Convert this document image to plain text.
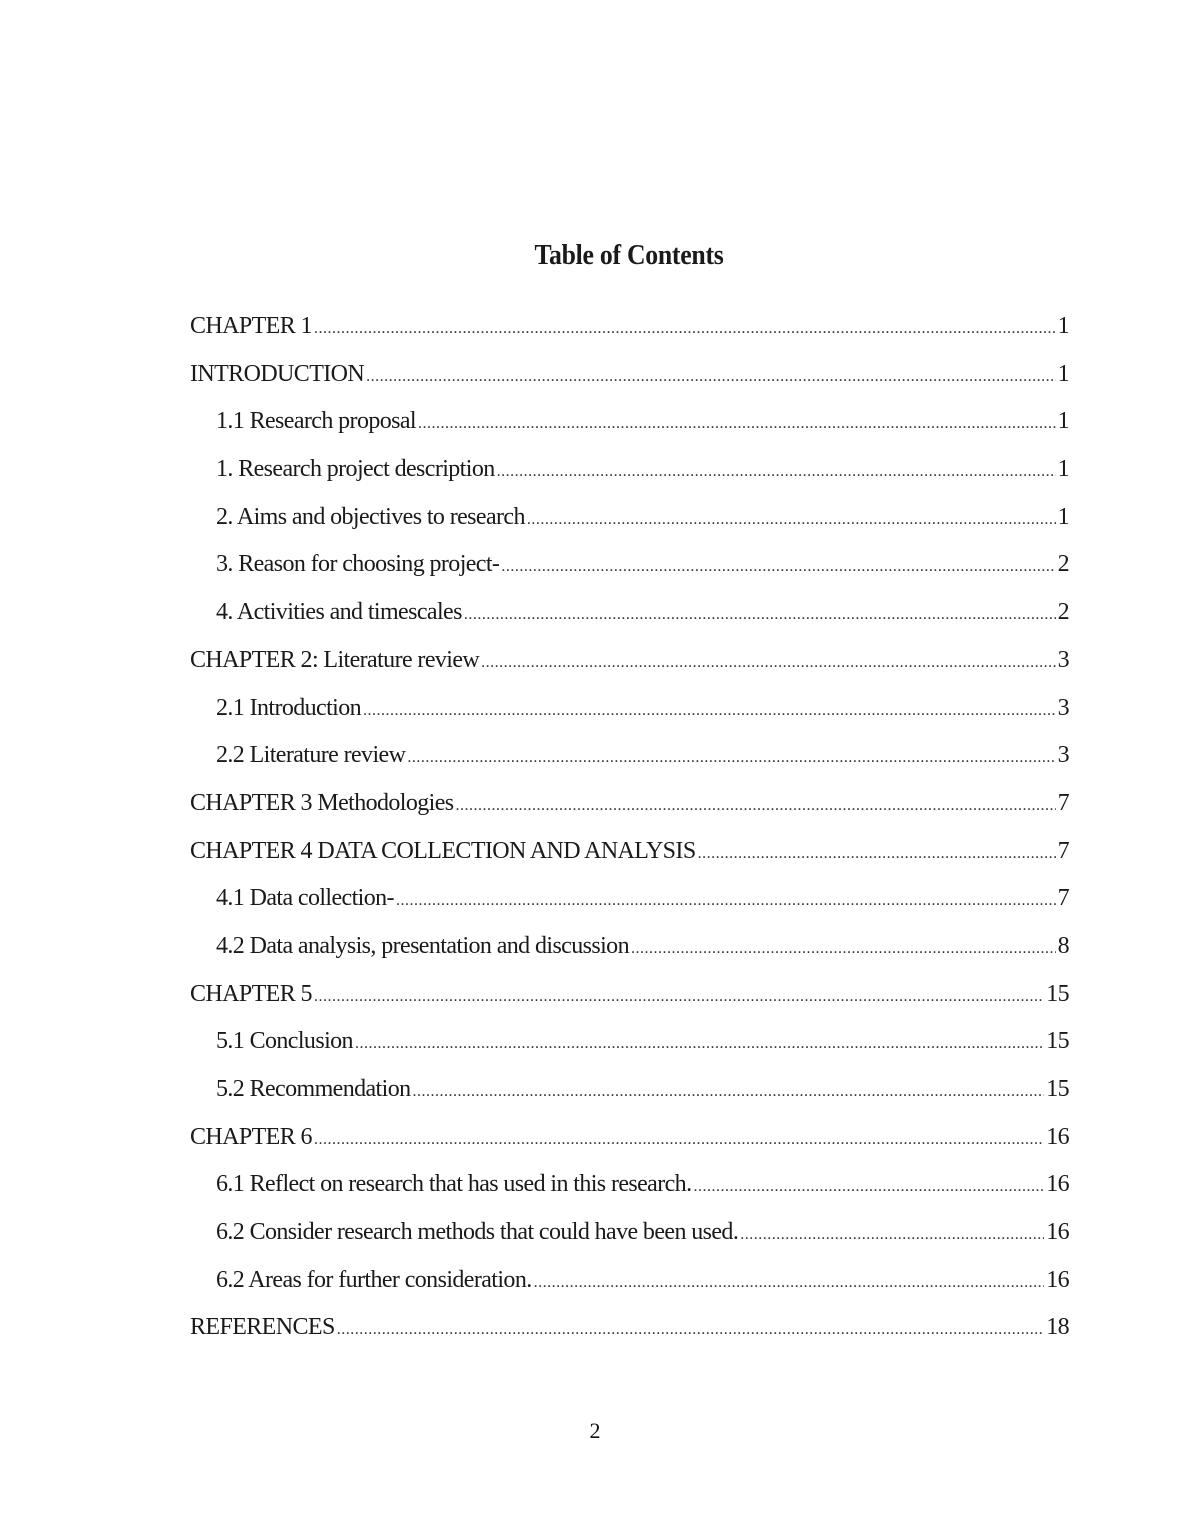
Table of Contents
CHAPTER 1 .....	1
INTRODUCTION .....	1
1.1 Research proposal .....	1
1. Research project description .....	1
2. Aims and objectives to research .....	1
3. Reason for choosing project- .....	2
4. Activities and timescales .....	2
CHAPTER 2: Literature review .....	3
2.1 Introduction .....	3
2.2 Literature review .....	3
CHAPTER 3 Methodologies .....	7
CHAPTER 4 DATA COLLECTION AND ANALYSIS .....	7
4.1 Data collection- .....	7
4.2 Data analysis, presentation and discussion .....	8
CHAPTER 5 .....	15
5.1 Conclusion .....	15
5.2 Recommendation .....	15
CHAPTER 6 .....	16
6.1 Reflect on research that has used in this research. .....	16
6.2 Consider research methods that could have been used. .....	16
6.2 Areas for further consideration. .....	16
REFERENCES .....	18

2
